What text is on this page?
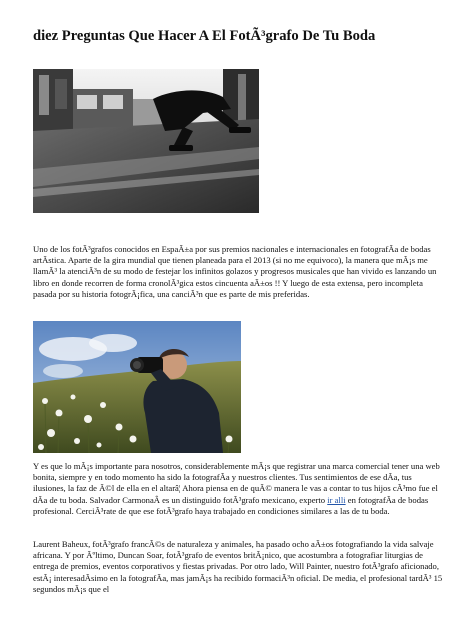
diez Preguntas Que Hacer A El FotÃ³grafo De Tu Boda

Uno de los fotÃ³grafos conocidos en EspaÃ±a por sus premios nacionales e internacionales en fotografÃa de bodas artÃstica. Aparte de la gira mundial que tienen planeada para el 2013 (si no me equivoco), la manera que mÃ¡s me llamÃ³ la atenciÃ³n de su modo de festejar los infinitos golazos y progresos musicales que han vivido es lanzando un libro en donde recorren de forma cronolÃ³gica estos cincuenta aÃ±os !! Y luego de esta extensa, pero incompleta pasada por su historia fotogrÃ¡fica, una canciÃ³n que es parte de mis preferidas.

Y es que lo mÃ¡s importante para nosotros, considerablemente mÃ¡s que registrar una marca comercial tener una web bonita, siempre y en todo momento ha sido la fotografÃa y nuestros clientes. Tus sentimientos de ese dÃa, tus ilusiones, la faz de Ã©l de ella en el altarâ¦ Ahora piensa en de quÃ© manera le vas a contar to tus hijos cÃ³mo fue el dÃa de tu boda. Salvador CarmonaÂ es un distinguido fotÃ³grafo mexicano, experto ir alli en fotografÃa de bodas profesional. CerciÃ³rate de que ese fotÃ³grafo haya trabajado en condiciones similares a las de tu boda.

Laurent Baheux, fotÃ³grafo francÃ©s de naturaleza y animales, ha pasado ocho aÃ±os fotografiando la vida salvaje africana. Y por Ãºltimo, Duncan Soar, fotÃ³grafo de eventos britÃ¡nico, que acostumbra a fotografiar liturgias de entrega de premios, eventos corporativos y fiestas privadas. Por otro lado, Will Painter, nuestro fotÃ³grafo aficionado, estÃ¡ interesadÃsimo en la fotografÃa, mas jamÃ¡s ha recibido formaciÃ³n oficial. De media, el profesional tardÃ³ 15 segundos mÃ¡s que el
